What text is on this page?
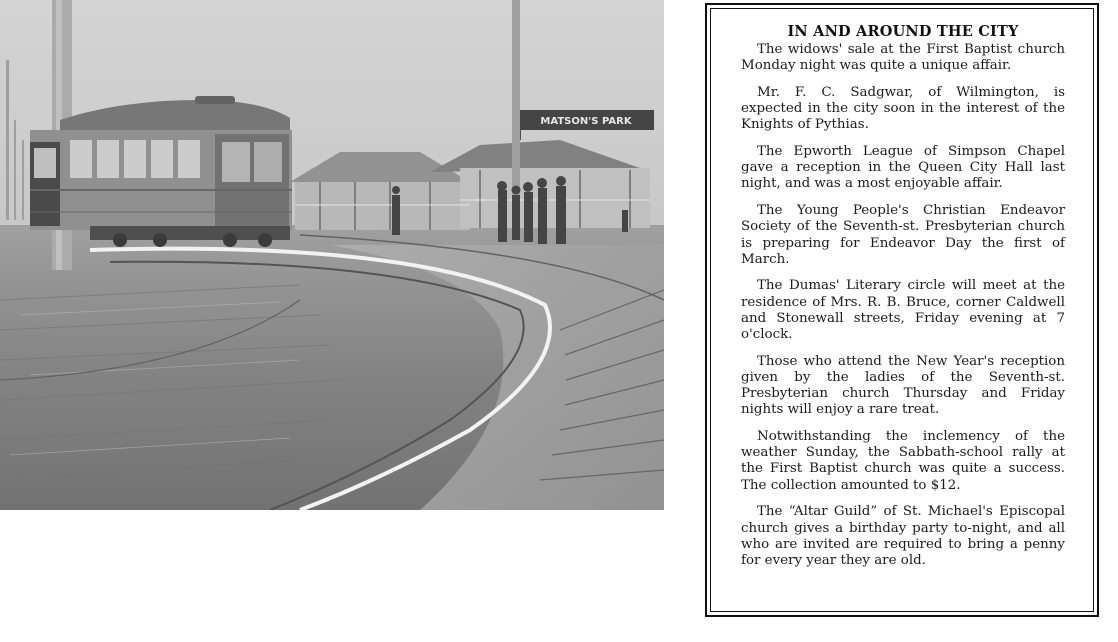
MATSON'S PARK
IN AND AROUND THE CITY

The widows' sale at the First Baptist church Monday night was quite a unique affair.

Mr. F. C. Sadgwar, of Wilmington, is expected in the city soon in the interest of the Knights of Pythias.

The Epworth League of Simpson Chapel gave a reception in the Queen City Hall last night, and was a most enjoyable affair.

The Young People's Christian Endeavor Society of the Seventh-st. Presbyterian church is preparing for Endeavor Day the first of March.

The Dumas' Literary circle will meet at the residence of Mrs. R. B. Bruce, corner Caldwell and Stonewall streets, Friday evening at 7 o'clock.

Those who attend the New Year's reception given by the ladies of the Seventh-st. Presbyterian church Thursday and Friday nights will enjoy a rare treat.

Notwithstanding the inclemency of the weather Sunday, the Sabbath-school rally at the First Baptist church was quite a success. The collection amounted to $12.

The “Altar Guild” of St. Michael's Episcopal church gives a birthday party to-night, and all who are invited are required to bring a penny for every year they are old.
